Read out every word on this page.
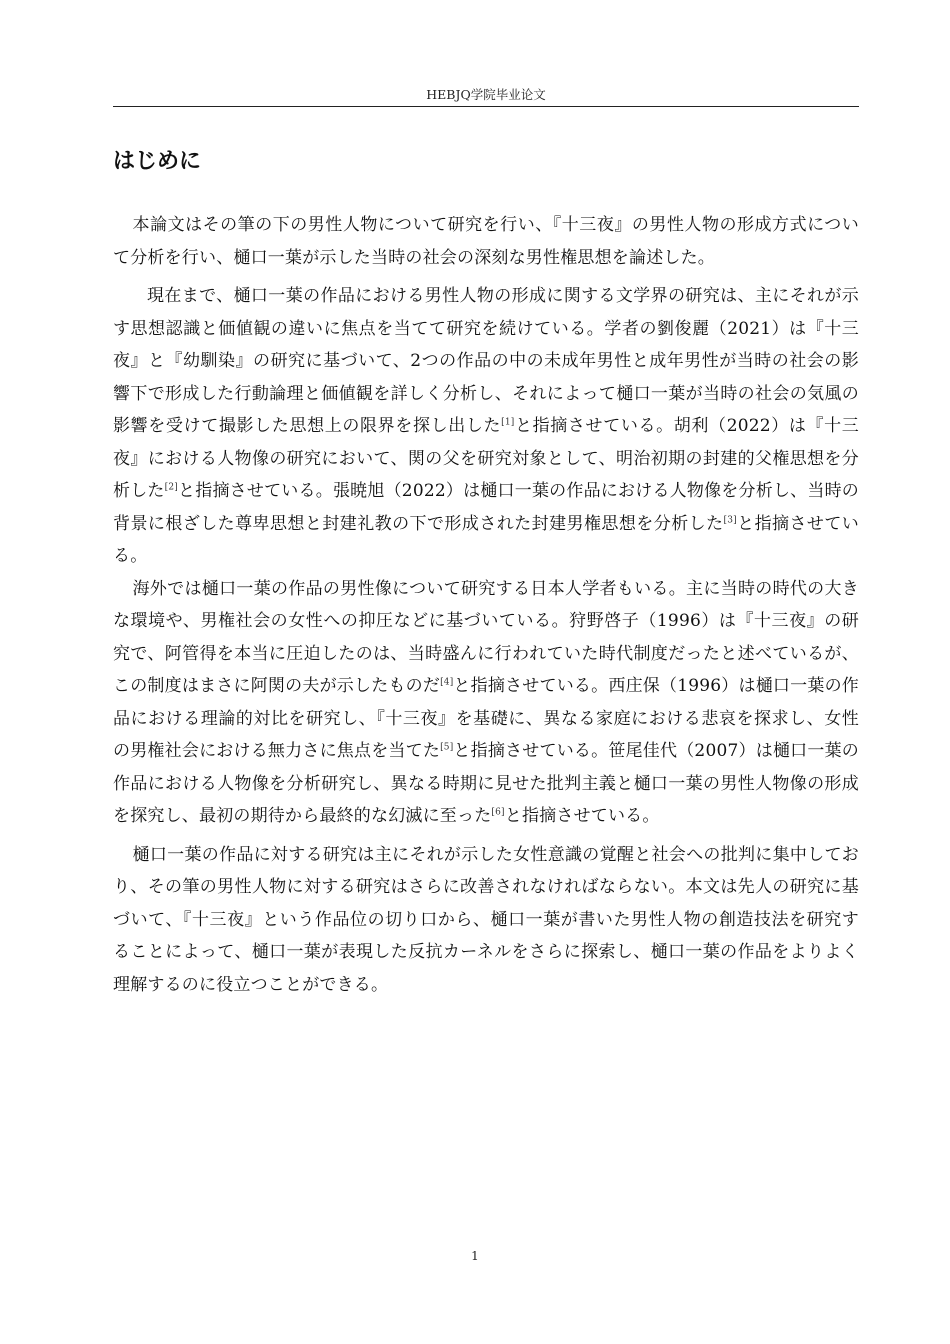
HEBJQ学院毕业论文
はじめに

本論文はその筆の下の男性人物について研究を行い、『十三夜』の男性人物の形成方式について分析を行い、樋口一葉が示した当時の社会の深刻な男性権思想を論述した。

現在まで、樋口一葉の作品における男性人物の形成に関する文学界の研究は、主にそれが示す思想認識と価値観の違いに焦点を当てて研究を続けている。学者の劉俊麗（2021）は『十三夜』と『幼馴染』の研究に基づいて、2つの作品の中の未成年男性と成年男性が当時の社会の影響下で形成した行動論理と価値観を詳しく分析し、それによって樋口一葉が当時の社会の気風の影響を受けて撮影した思想上の限界を探し出した[1]と指摘させている。胡利（2022）は『十三夜』における人物像の研究において、関の父を研究対象として、明治初期の封建的父権思想を分析した[2]と指摘させている。張暁旭（2022）は樋口一葉の作品における人物像を分析し、当時の背景に根ざした尊卑思想と封建礼教の下で形成された封建男権思想を分析した[3]と指摘させている。

海外では樋口一葉の作品の男性像について研究する日本人学者もいる。主に当時の時代の大きな環境や、男権社会の女性への抑圧などに基づいている。狩野啓子（1996）は『十三夜』の研究で、阿管得を本当に圧迫したのは、当時盛んに行われていた時代制度だったと述べているが、この制度はまさに阿関の夫が示したものだ[4]と指摘させている。西庄保（1996）は樋口一葉の作品における理論的対比を研究し、『十三夜』を基礎に、異なる家庭における悲哀を探求し、女性の男権社会における無力さに焦点を当てた[5]と指摘させている。笹尾佳代（2007）は樋口一葉の作品における人物像を分析研究し、異なる時期に見せた批判主義と樋口一葉の男性人物像の形成を探究し、最初の期待から最終的な幻滅に至った[6]と指摘させている。

樋口一葉の作品に対する研究は主にそれが示した女性意識の覚醒と社会への批判に集中しており、その筆の男性人物に対する研究はさらに改善されなければならない。本文は先人の研究に基づいて、『十三夜』という作品位の切り口から、樋口一葉が書いた男性人物の創造技法を研究することによって、樋口一葉が表現した反抗カーネルをさらに探索し、樋口一葉の作品をよりよく理解するのに役立つことができる。

1
